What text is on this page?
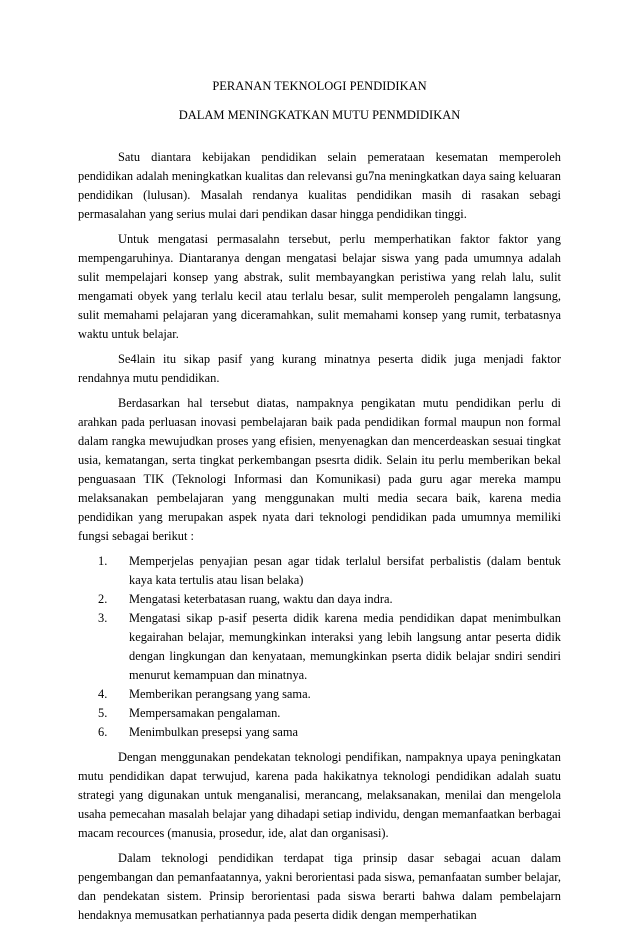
PERANAN TEKNOLOGI PENDIDIKAN
DALAM MENINGKATKAN MUTU PENMDIDIKAN

Satu diantara kebijakan pendidikan selain pemerataan kesematan memperoleh pendidikan adalah meningkatkan kualitas dan relevansi gu7na meningkatkan daya saing keluaran pendidikan (lulusan). Masalah rendanya kualitas pendidikan masih di rasakan sebagi permasalahan yang serius mulai dari pendikan dasar hingga pendidikan tinggi.

Untuk mengatasi permasalahn tersebut, perlu memperhatikan faktor faktor yang mempengaruhinya. Diantaranya dengan mengatasi belajar siswa yang pada umumnya adalah sulit mempelajari konsep yang abstrak, sulit membayangkan peristiwa yang relah lalu, sulit mengamati obyek yang terlalu kecil atau terlalu besar, sulit memperoleh pengalamn langsung, sulit memahami pelajaran yang diceramahkan, sulit memahami konsep yang rumit, terbatasnya waktu untuk belajar.

Se4lain itu sikap pasif yang kurang minatnya peserta didik juga menjadi faktor rendahnya mutu pendidikan.

Berdasarkan hal tersebut diatas, nampaknya pengikatan mutu pendidikan perlu di arahkan pada perluasan inovasi pembelajaran baik pada pendidikan formal maupun non formal dalam rangka mewujudkan proses yang efisien, menyenagkan dan mencerdeaskan sesuai tingkat usia, kematangan, serta tingkat perkembangan psesrta didik. Selain itu perlu memberikan bekal penguasaan TIK (Teknologi Informasi dan Komunikasi) pada guru agar mereka mampu melaksanakan pembelajaran yang menggunakan multi media secara baik, karena media pendidikan yang merupakan aspek nyata dari teknologi pendidikan pada umumnya memiliki fungsi sebagai berikut :

1. Memperjelas penyajian pesan agar tidak terlalul bersifat perbalistis (dalam bentuk kaya kata tertulis atau lisan belaka)
2. Mengatasi keterbatasan ruang, waktu dan daya indra.
3. Mengatasi sikap p-asif peserta didik karena media pendidikan dapat menimbulkan kegairahan belajar, memungkinkan interaksi yang lebih langsung antar peserta didik dengan lingkungan dan kenyataan, memungkinkan pserta didik belajar sndiri sendiri menurut kemampuan dan minatnya.
4. Memberikan perangsang yang sama.
5. Mempersamakan pengalaman.
6. Menimbulkan presepsi yang sama

Dengan menggunakan pendekatan teknologi pendifikan, nampaknya upaya peningkatan mutu pendidikan dapat terwujud, karena pada hakikatnya teknologi pendidikan adalah suatu strategi yang digunakan untuk menganalisi, merancang, melaksanakan, menilai dan mengelola usaha pemecahan masalah belajar yang dihadapi setiap individu, dengan memanfaatkan berbagai macam recources (manusia, prosedur, ide, alat dan organisasi).

Dalam teknologi pendidikan terdapat tiga prinsip dasar sebagai acuan dalam pengembangan dan pemanfaatannya, yakni berorientasi pada siswa, pemanfaatan sumber belajar, dan pendekatan sistem. Prinsip berorientasi pada siswa berarti bahwa dalam pembelajarn hendaknya memusatkan perhatiannya pada peserta didik dengan memperhatikan
